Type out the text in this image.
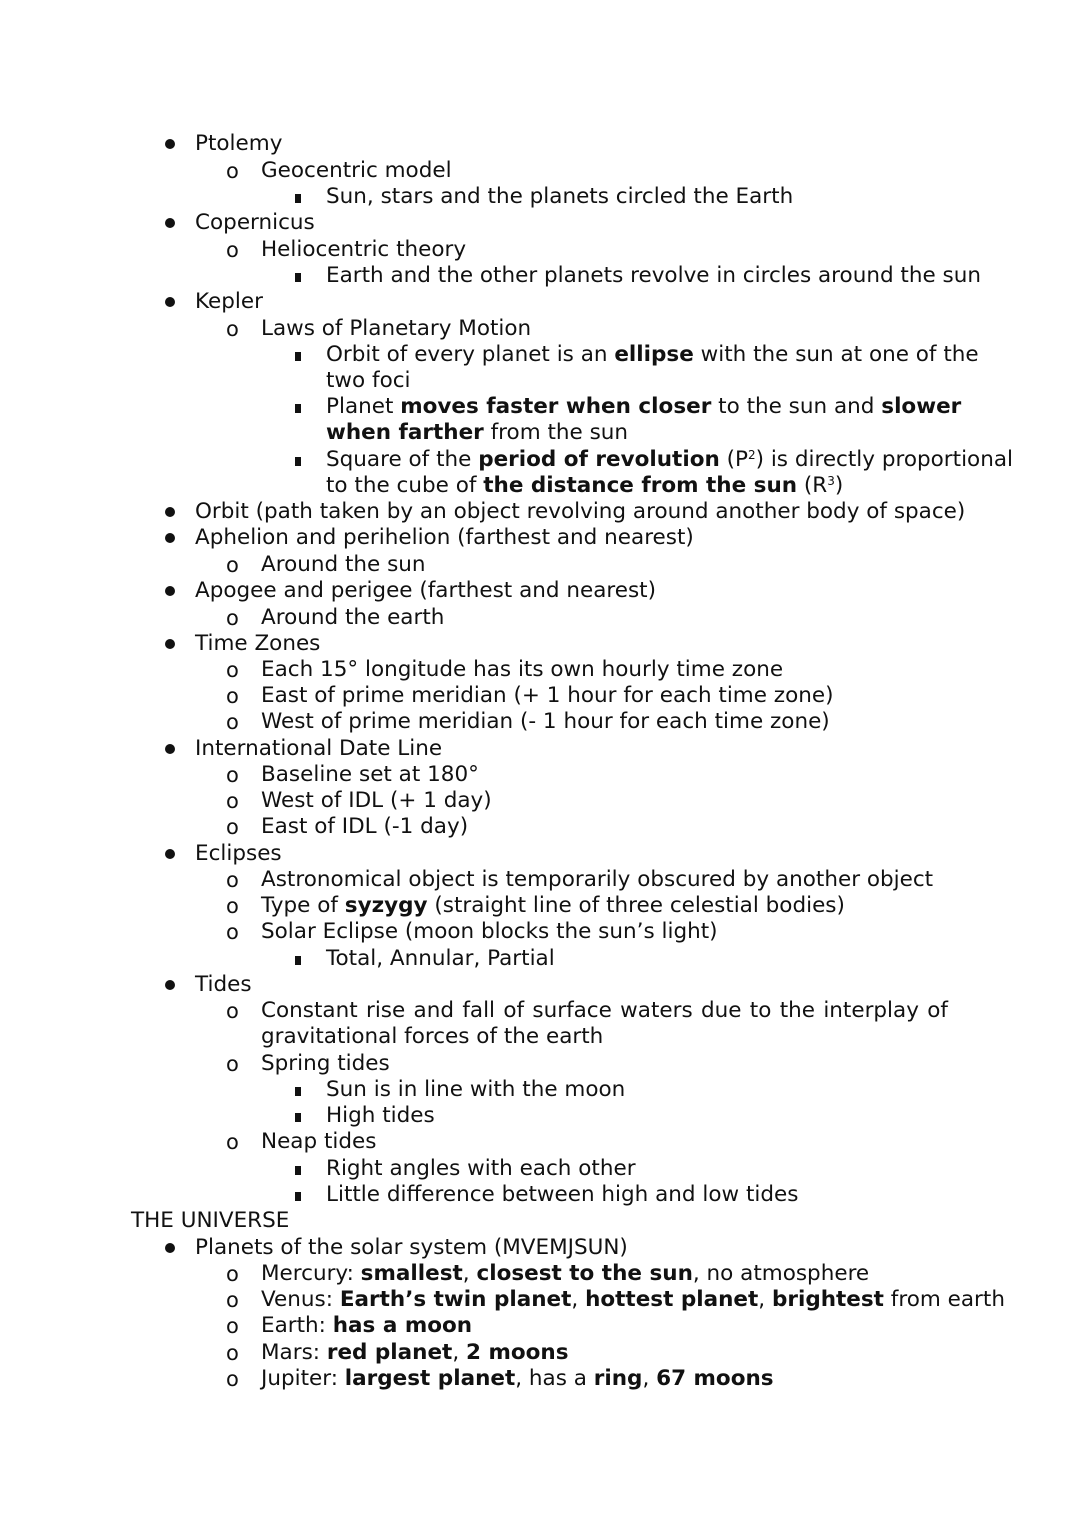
Ptolemy
o Geocentric model
Sun, stars and the planets circled the Earth
Copernicus
o Heliocentric theory
Earth and the other planets revolve in circles around the sun
Kepler
o Laws of Planetary Motion
Orbit of every planet is an ellipse with the sun at one of the
two foci
Planet moves faster when closer to the sun and slower
when farther from the sun
Square of the period of revolution $(P^2)$ is directly proportional
to the cube of the distance from the sun $(R^3)$
Orbit (path taken by an object revolving around another body of space)
Aphelion and perihelion (farthest and nearest)
o Around the sun
Apogee and perigee (farthest and nearest)
o Around the earth
Time Zones
o Each 15° longitude has its own hourly time zone
o East of prime meridian (+ 1 hour for each time zone)
o West of prime meridian (- 1 hour for each time zone)
International Date Line
o Baseline set at 180°
o West of IDL (+ 1 day)
o East of IDL (-1 day)
Eclipses
o Astronomical object is temporarily obscured by another object
o Type of syzygy (straight line of three celestial bodies)
o Solar Eclipse (moon blocks the sun’s light)
Total, Annular, Partial
Tides
o Constant rise and fall of surface waters due to the interplay of
gravitational forces of the earth
o Spring tides
Sun is in line with the moon
High tides
o Neap tides
Right angles with each other
Little difference between high and low tides
THE UNIVERSE
Planets of the solar system (MVEMJSUN)
o Mercury: smallest, closest to the sun, no atmosphere
o Venus: Earth’s twin planet, hottest planet, brightest from earth
o Earth: has a moon
o Mars: red planet, 2 moons
o Jupiter: largest planet, has a ring, 67 moons
